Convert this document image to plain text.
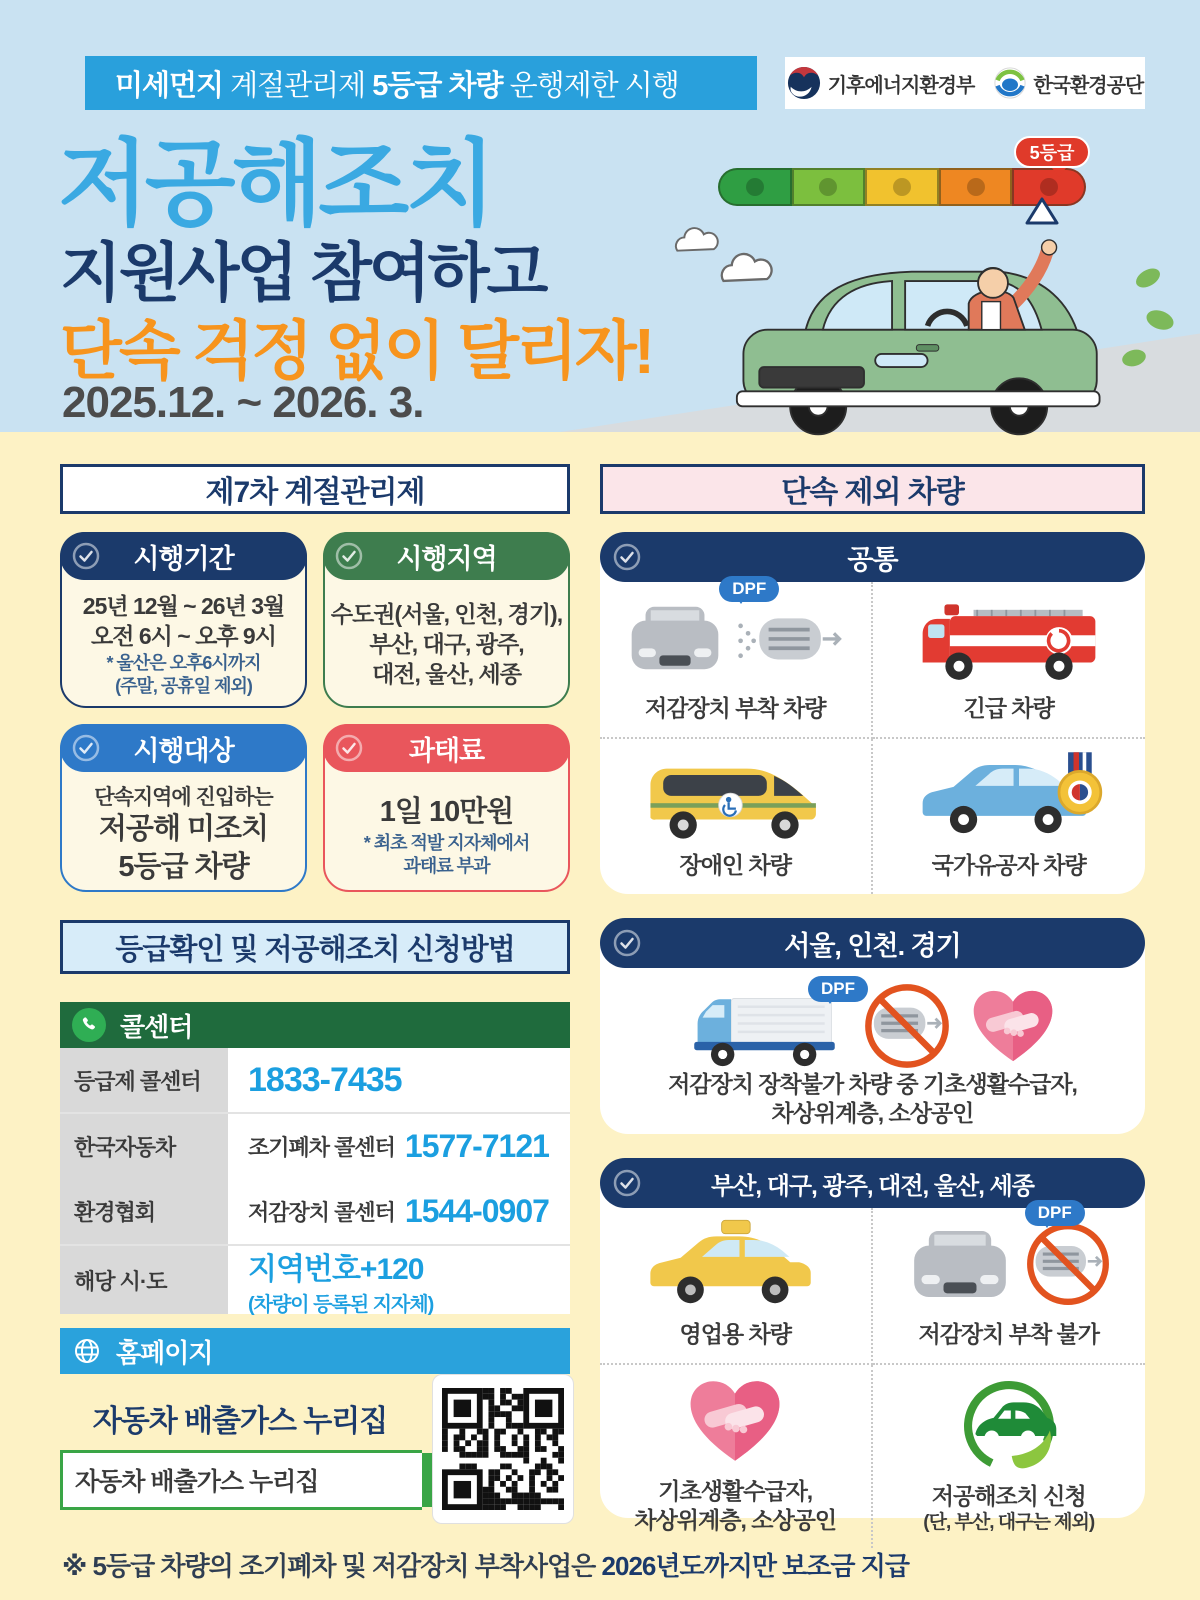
미세먼지
계절관리제
5등급 차량
운행제한 시행	기후에너지환경부	한국환경공단
저공해조치
지원사업 참여하고
단속 걱정 없이 달리자!
2025.12. ~ 2026. 3.
5등급
제7차 계절관리제
시행기간
25년 12월 ~ 26년 3월
오전 6시 ~ 오후 9시
* 울산은 오후6시까지
(주말, 공휴일 제외)
시행지역
수도권(서울, 인천, 경기),
부산, 대구, 광주,
대전, 울산, 세종
시행대상
단속지역에 진입하는
저공해 미조치
5등급 차량
과태료
1일 10만원
* 최초 적발 지자체에서
과태료 부과
등급확인 및 저공해조치 신청방법
콜센터
등급제 콜센터	1833-7435
한국자동차	조기폐차 콜센터 1577-7121
환경협회	저감장치 콜센터 1544-0907
해당 시·도	지역번호+120
(차량이 등록된 지자체)
홈페이지
자동차 배출가스 누리집
자동차 배출가스 누리집
단속 제외 차량
공통
DPF
저감장치 부착 차량	긴급 차량
장애인 차량	국가유공자 차량
서울, 인천. 경기
DPF
저감장치 장착불가 차량 중 기초생활수급자,
차상위계층, 소상공인
부산, 대구, 광주, 대전, 울산, 세종
영업용 차량
DPF
저감장치 부착 불가
기초생활수급자,
차상위계층, 소상공인
저공해조치 신청
(단, 부산, 대구는 제외)
※ 5등급 차량의 조기폐차 및 저감장치 부착사업은 2026년도까지만 보조금 지급
